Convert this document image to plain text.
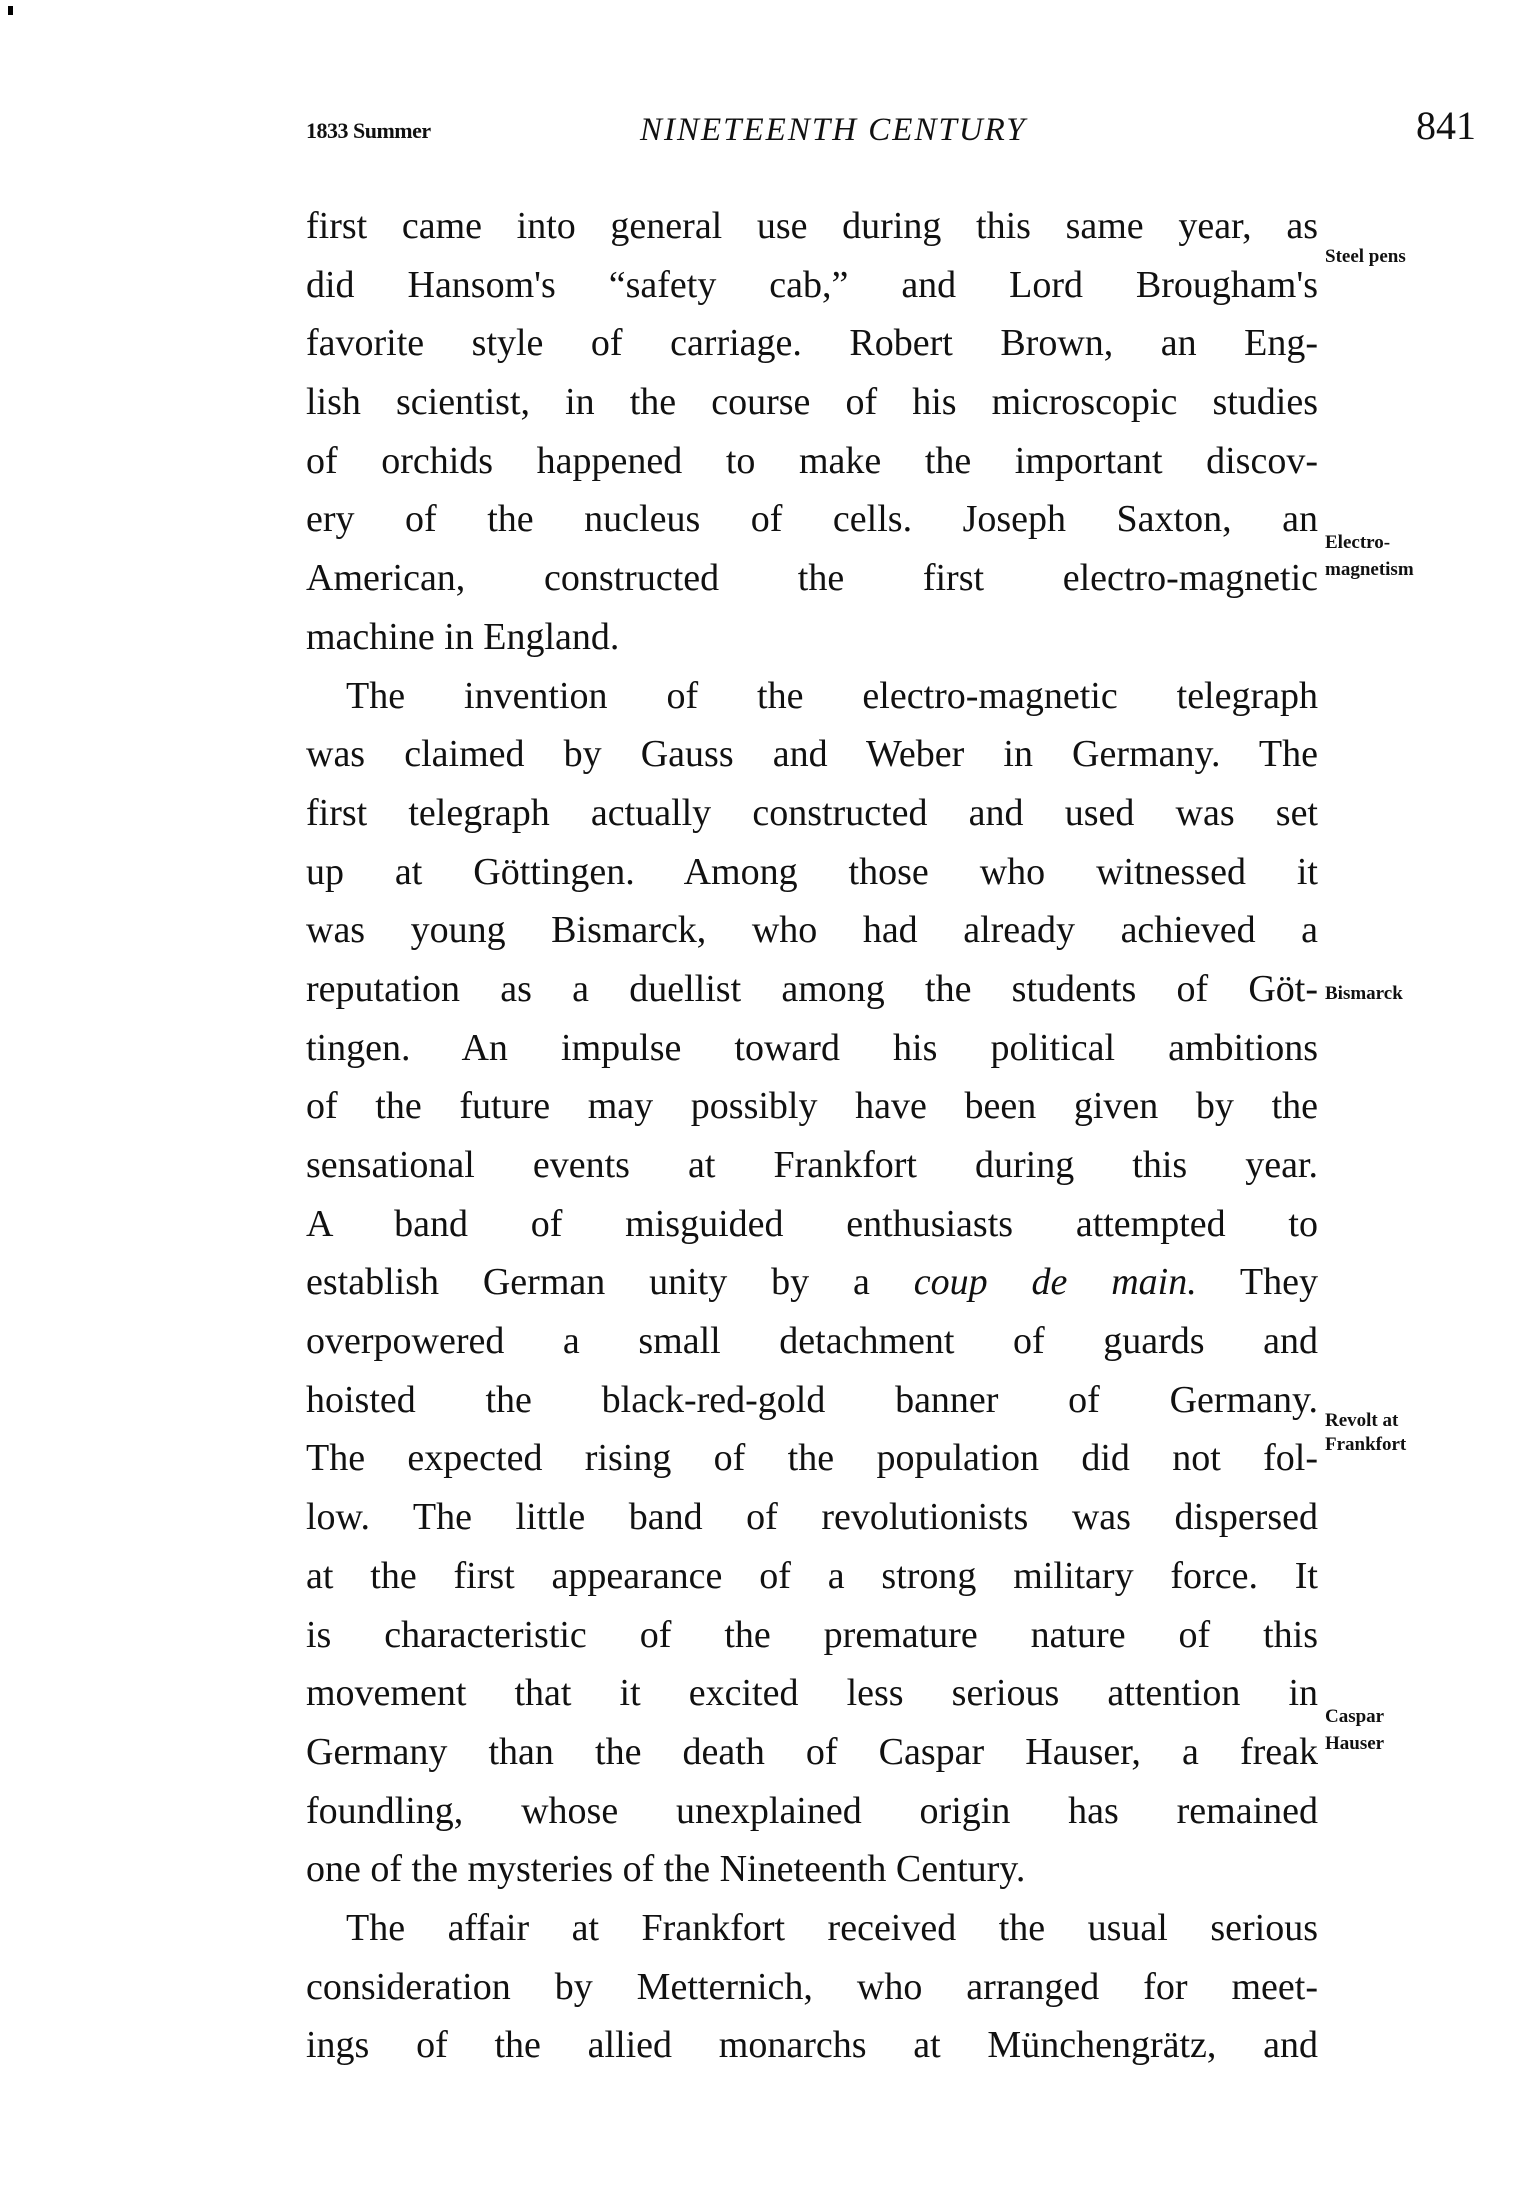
1833 Summer	NINETEENTH CENTURY	841
first came into general use during this same year, as
did Hansom's “safety cab,” and Lord Brougham's
favorite style of carriage. Robert Brown, an Eng-
lish scientist, in the course of his microscopic studies
of orchids happened to make the important discov-
ery of the nucleus of cells. Joseph Saxton, an
American, constructed the first electro-magnetic
machine in England.
The invention of the electro-magnetic telegraph
was claimed by Gauss and Weber in Germany. The
first telegraph actually constructed and used was set
up at Göttingen. Among those who witnessed it
was young Bismarck, who had already achieved a
reputation as a duellist among the students of Göt-
tingen. An impulse toward his political ambitions
of the future may possibly have been given by the
sensational events at Frankfort during this year.
A band of misguided enthusiasts attempted to
establish German unity by a coup de main. They
overpowered a small detachment of guards and
hoisted the black-red-gold banner of Germany.
The expected rising of the population did not fol-
low. The little band of revolutionists was dispersed
at the first appearance of a strong military force. It
is characteristic of the premature nature of this
movement that it excited less serious attention in
Germany than the death of Caspar Hauser, a freak
foundling, whose unexplained origin has remained
one of the mysteries of the Nineteenth Century.
The affair at Frankfort received the usual serious
consideration by Metternich, who arranged for meet-
ings of the allied monarchs at Münchengrätz, and
Steel pens
Electro-
magnetism
Bismarck
Revolt at
Frankfort
Caspar
Hauser
